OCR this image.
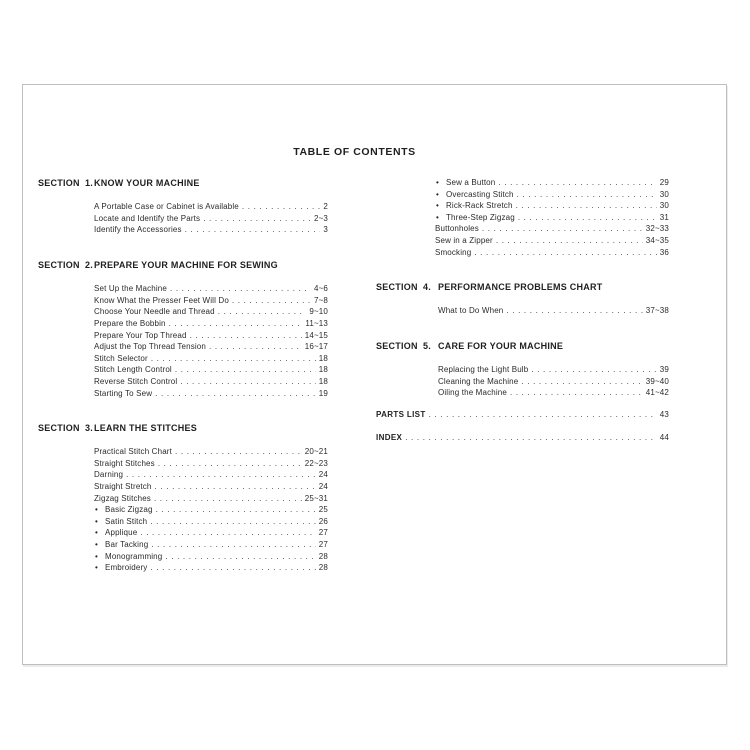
TABLE OF CONTENTS
SECTION 1. KNOW YOUR MACHINE
A Portable Case or Cabinet is Available . . .	2
Locate and Identify the Parts . . .	2~3
Identify the Accessories . . .	3
SECTION 2. PREPARE YOUR MACHINE FOR SEWING
Set Up the Machine . . .	4~6
Know What the Presser Feet Will Do . . .	7~8
Choose Your Needle and Thread . . .	9~10
Prepare the Bobbin . . .	11~13
Prepare Your Top Thread . . .	14~15
Adjust the Top Thread Tension . . .	16~17
Stitch Selector . . .	18
Stitch Length Control . . .	18
Reverse Stitch Control . . .	18
Starting To Sew . . .	19
SECTION 3. LEARN THE STITCHES
Practical Stitch Chart . . .	20~21
Straight Stitches . . .	22~23
Darning . . .	24
Straight Stretch . . .	24
Zigzag Stitches . . .	25~31
• Basic Zigzag . . .	25
• Satin Stitch . . .	26
• Applique . . .	27
• Bar Tacking . . .	27
• Monogramming . . .	28
• Embroidery . . .	28
• Sew a Button . . .	29
• Overcasting Stitch . . .	30
• Rick-Rack Stretch . . .	30
• Three-Step Zigzag . . .	31
Buttonholes . . .	32~33
Sew in a Zipper . . .	34~35
Smocking . . .	36
SECTION 4. PERFORMANCE PROBLEMS CHART
What to Do When . . .	37~38
SECTION 5. CARE FOR YOUR MACHINE
Replacing the Light Bulb . . .	39
Cleaning the Machine . . .	39~40
Oiling the Machine . . .	41~42
PARTS LIST . . .	43
INDEX . . .	44
